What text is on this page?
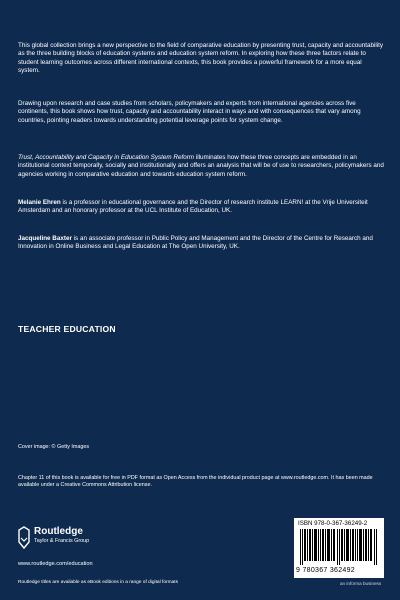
This global collection brings a new perspective to the field of comparative education by presenting trust, capacity and accountability as the three building blocks of education systems and education system reform. In exploring how these three factors relate to student learning outcomes across different international contexts, this book provides a powerful framework for a more equal system.

Drawing upon research and case studies from scholars, policymakers and experts from international agencies across five continents, this book shows how trust, capacity and accountability interact in ways and with consequences that vary among countries, pointing readers towards understanding potential leverage points for system change.

Trust, Accountability and Capacity in Education System Reform illuminates how these three concepts are embedded in an institutional context temporally, socially and institutionally and offers an analysis that will be of use to researchers, policymakers and agencies working in comparative education and towards education system reform.

Melanie Ehren is a professor in educational governance and the Director of research institute LEARN! at the Vrije Universiteit Amsterdam and an honorary professor at the UCL Institute of Education, UK.

Jacqueline Baxter is an associate professor in Public Policy and Management and the Director of the Centre for Research and Innovation in Online Business and Legal Education at The Open University, UK.

TEACHER EDUCATION
Cover image: © Getty Images
Chapter 11 of this book is available for free in PDF format as Open Access from the individual product page at www.routledge.com. It has been made available under a Creative Commons Attribution license.
Routledge
Taylor & Francis Group
www.routledge.com/education
Routledge titles are available as eBook editions in a range of digital formats	an informa business
ISBN 978-0-367-36249-2
9 780367 362492
